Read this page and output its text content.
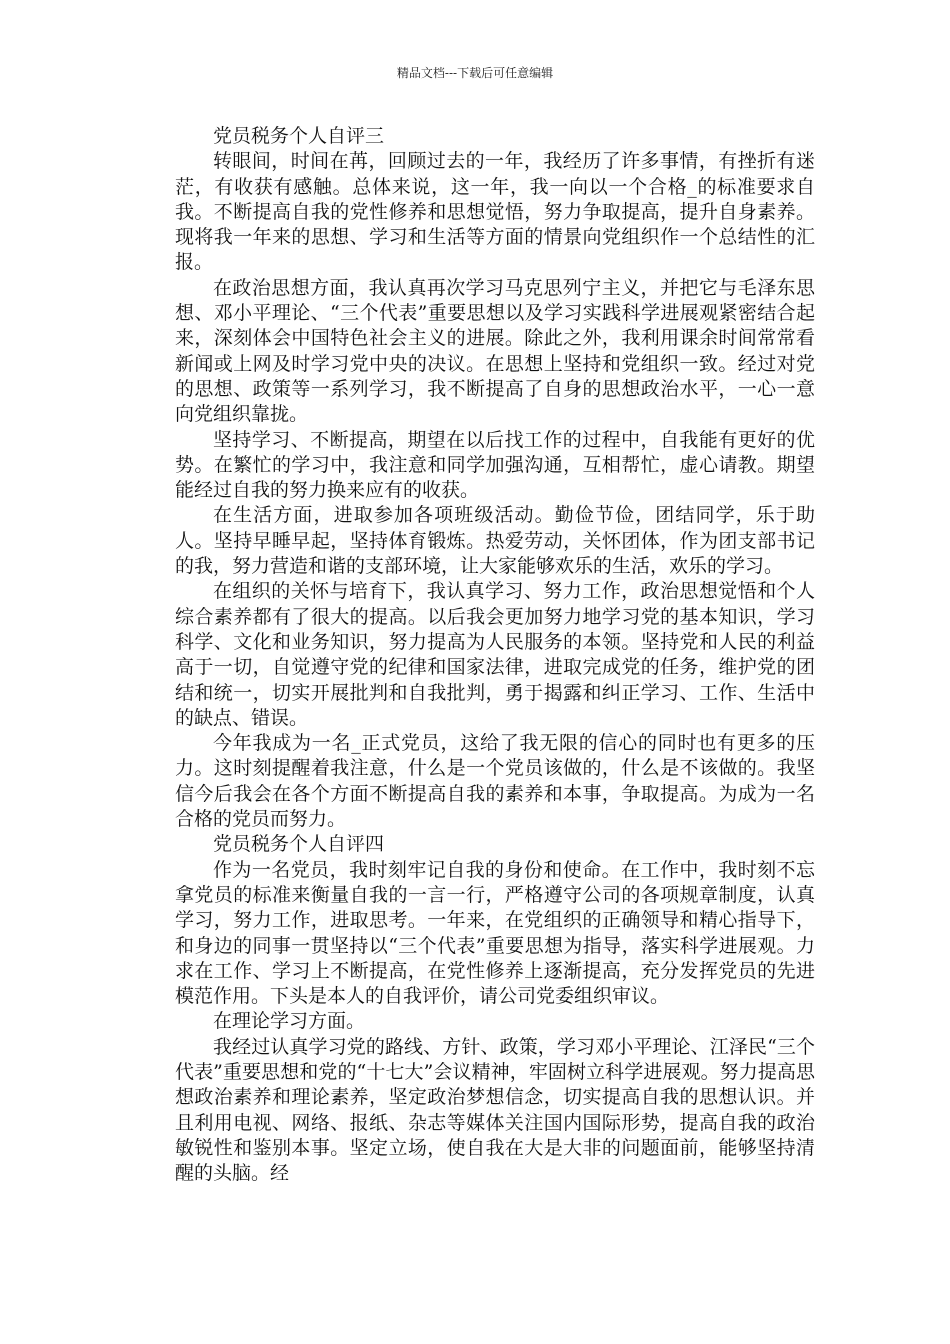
精品文档---下载后可任意编辑

党员税务个人自评三

转眼间，时间在苒，回顾过去的一年，我经历了许多事情，有挫折有迷茫，有收获有感触。总体来说，这一年，我一向以一个合格_的标准要求自我。不断提高自我的党性修养和思想觉悟，努力争取提高，提升自身素养。现将我一年来的思想、学习和生活等方面的情景向党组织作一个总结性的汇报。

在政治思想方面，我认真再次学习马克思列宁主义，并把它与毛泽东思想、邓小平理论、“三个代表”重要思想以及学习实践科学进展观紧密结合起来，深刻体会中国特色社会主义的进展。除此之外，我利用课余时间常常看新闻或上网及时学习党中央的决议。在思想上坚持和党组织一致。经过对党的思想、政策等一系列学习，我不断提高了自身的思想政治水平，一心一意向党组织靠拢。

坚持学习、不断提高，期望在以后找工作的过程中，自我能有更好的优势。在繁忙的学习中，我注意和同学加强沟通，互相帮忙，虚心请教。期望能经过自我的努力换来应有的收获。

在生活方面，进取参加各项班级活动。勤俭节俭，团结同学，乐于助人。坚持早睡早起，坚持体育锻炼。热爱劳动，关怀团体，作为团支部书记的我，努力营造和谐的支部环境，让大家能够欢乐的生活，欢乐的学习。

在组织的关怀与培育下，我认真学习、努力工作，政治思想觉悟和个人综合素养都有了很大的提高。以后我会更加努力地学习党的基本知识，学习科学、文化和业务知识，努力提高为人民服务的本领。坚持党和人民的利益高于一切，自觉遵守党的纪律和国家法律，进取完成党的任务，维护党的团结和统一，切实开展批判和自我批判，勇于揭露和纠正学习、工作、生活中的缺点、错误。

今年我成为一名_正式党员，这给了我无限的信心的同时也有更多的压力。这时刻提醒着我注意，什么是一个党员该做的，什么是不该做的。我坚信今后我会在各个方面不断提高自我的素养和本事，争取提高。为成为一名合格的党员而努力。

党员税务个人自评四

作为一名党员，我时刻牢记自我的身份和使命。在工作中，我时刻不忘拿党员的标准来衡量自我的一言一行，严格遵守公司的各项规章制度，认真学习，努力工作，进取思考。一年来，在党组织的正确领导和精心指导下，和身边的同事一贯坚持以“三个代表”重要思想为指导，落实科学进展观。力求在工作、学习上不断提高，在党性修养上逐渐提高，充分发挥党员的先进模范作用。下头是本人的自我评价，请公司党委组织审议。

在理论学习方面。

我经过认真学习党的路线、方针、政策，学习邓小平理论、江泽民“三个代表”重要思想和党的“十七大”会议精神，牢固树立科学进展观。努力提高思想政治素养和理论素养，坚定政治梦想信念，切实提高自我的思想认识。并且利用电视、网络、报纸、杂志等媒体关注国内国际形势，提高自我的政治敏锐性和鉴别本事。坚定立场，使自我在大是大非的问题面前，能够坚持清醒的头脑。经
